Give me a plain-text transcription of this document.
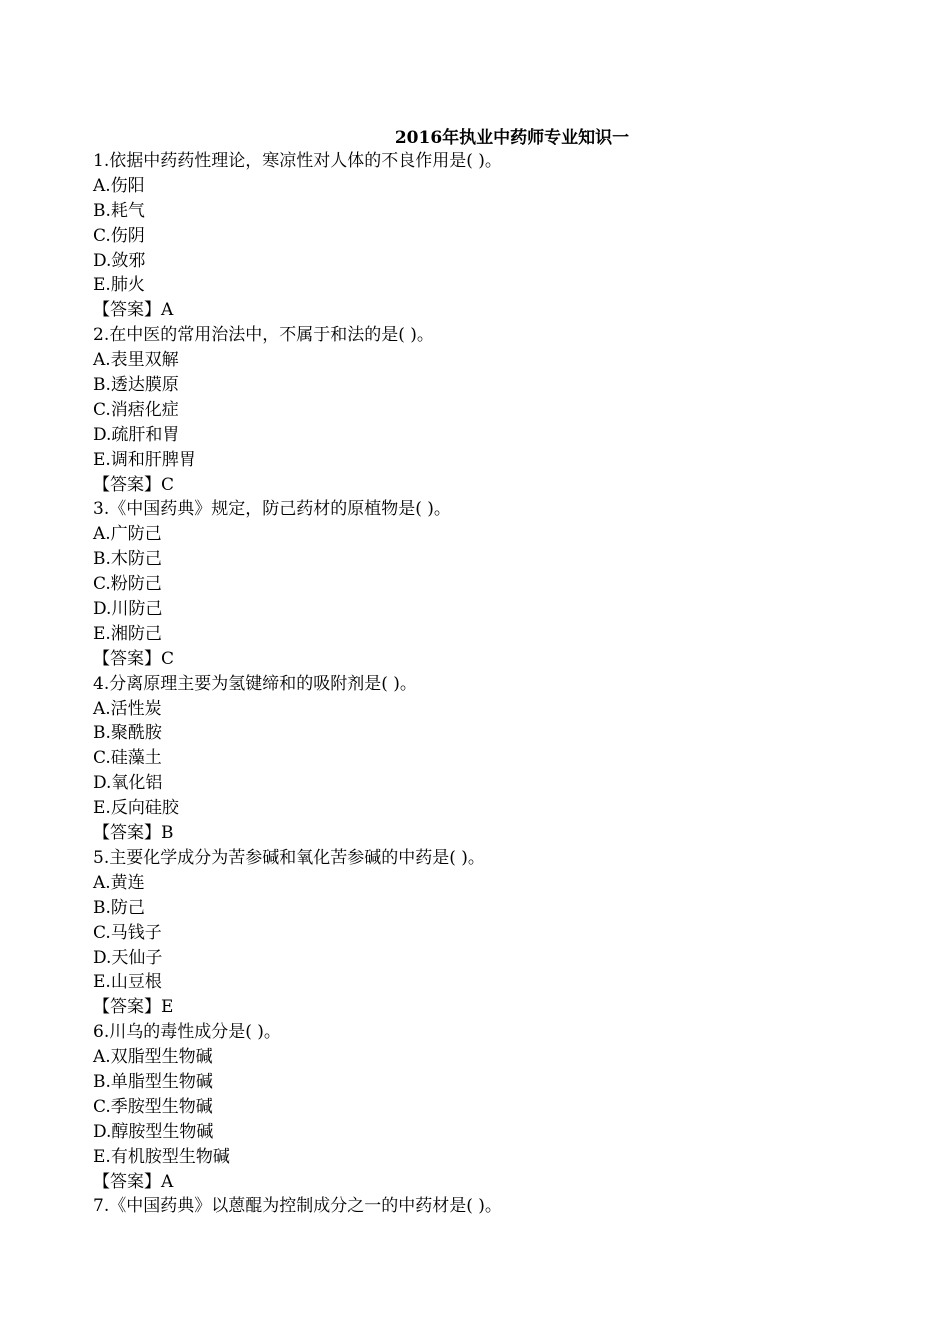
2016年执业中药师专业知识一
1.依据中药药性理论，寒凉性对人体的不良作用是( )。
A.伤阳
B.耗气
C.伤阴
D.敛邪
E.肺火
【答案】A
2.在中医的常用治法中，不属于和法的是( )。
A.表里双解
B.透达膜原
C.消痞化症
D.疏肝和胃
E.调和肝脾胃
【答案】C
3.《中国药典》规定，防己药材的原植物是( )。
A.广防己
B.木防己
C.粉防己
D.川防己
E.湘防己
【答案】C
4.分离原理主要为氢键缔和的吸附剂是( )。
A.活性炭
B.聚酰胺
C.硅藻土
D.氧化铝
E.反向硅胶
【答案】B
5.主要化学成分为苦参碱和氧化苦参碱的中药是( )。
A.黄连
B.防己
C.马钱子
D.天仙子
E.山豆根
【答案】E
6.川乌的毒性成分是( )。
A.双脂型生物碱
B.单脂型生物碱
C.季胺型生物碱
D.醇胺型生物碱
E.有机胺型生物碱
【答案】A
7.《中国药典》以蒽醌为控制成分之一的中药材是( )。
